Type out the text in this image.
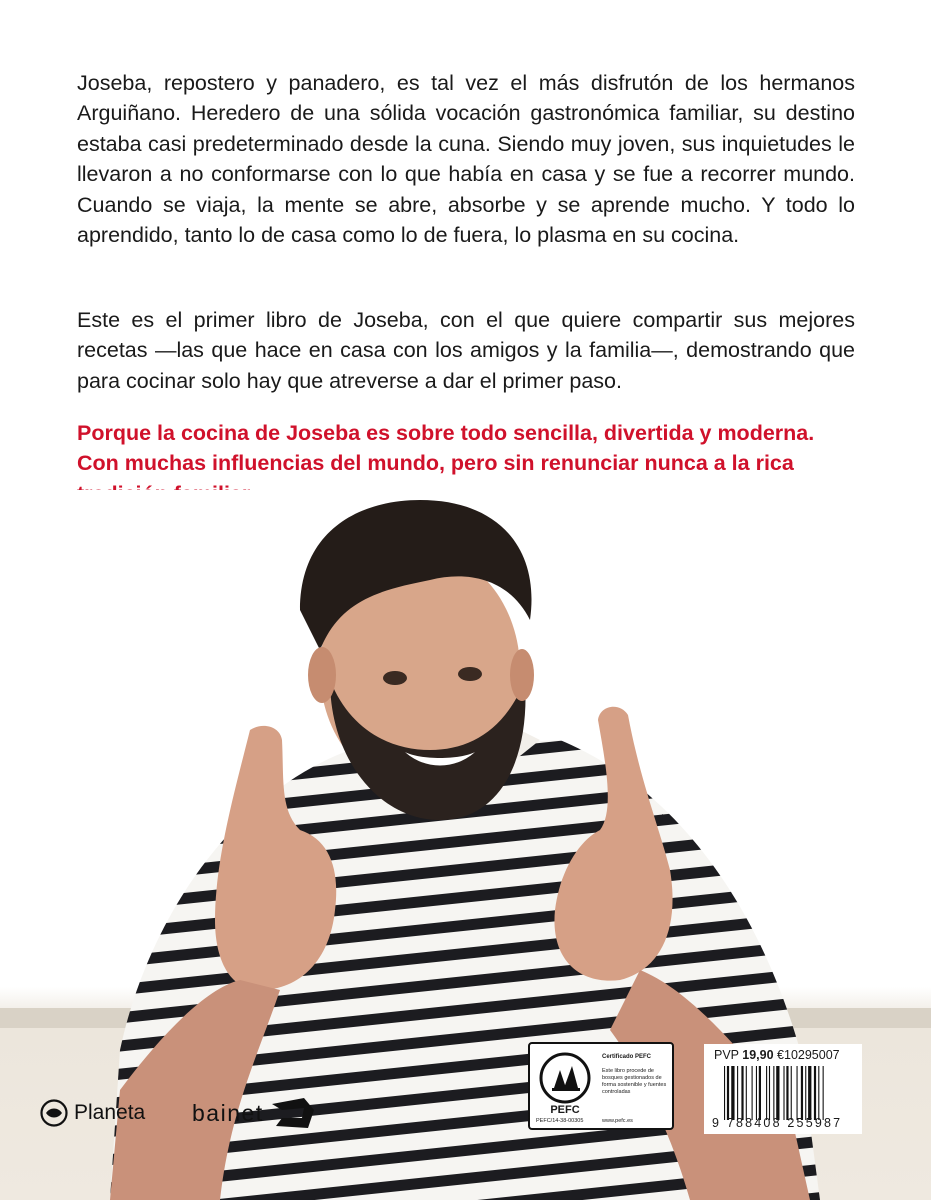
Joseba, repostero y panadero, es tal vez el más disfrutón de los hermanos Arguiñano. Heredero de una sólida vocación gastronómica familiar, su destino estaba casi predeterminado desde la cuna. Siendo muy joven, sus inquietudes le llevaron a no conformarse con lo que había en casa y se fue a recorrer mundo. Cuando se viaja, la mente se abre, absorbe y se aprende mucho. Y todo lo aprendido, tanto lo de casa como lo de fuera, lo plasma en su cocina.

Este es el primer libro de Joseba, con el que quiere compartir sus mejores recetas —las que hace en casa con los amigos y la familia—, demostrando que para cocinar solo hay que atreverse a dar el primer paso.

Porque la cocina de Joseba es sobre todo sencilla, divertida y moderna. Con muchas influencias del mundo, pero sin renunciar nunca a la rica

Planeta bainet	PEFC
PEFC/14-38-00305
Certificado PEFC
Este libro procede de bosques gestionados de forma sostenible y fuentes controladas
www.pefc.es
PVP 19,90 €10295007
9 788408 255987
